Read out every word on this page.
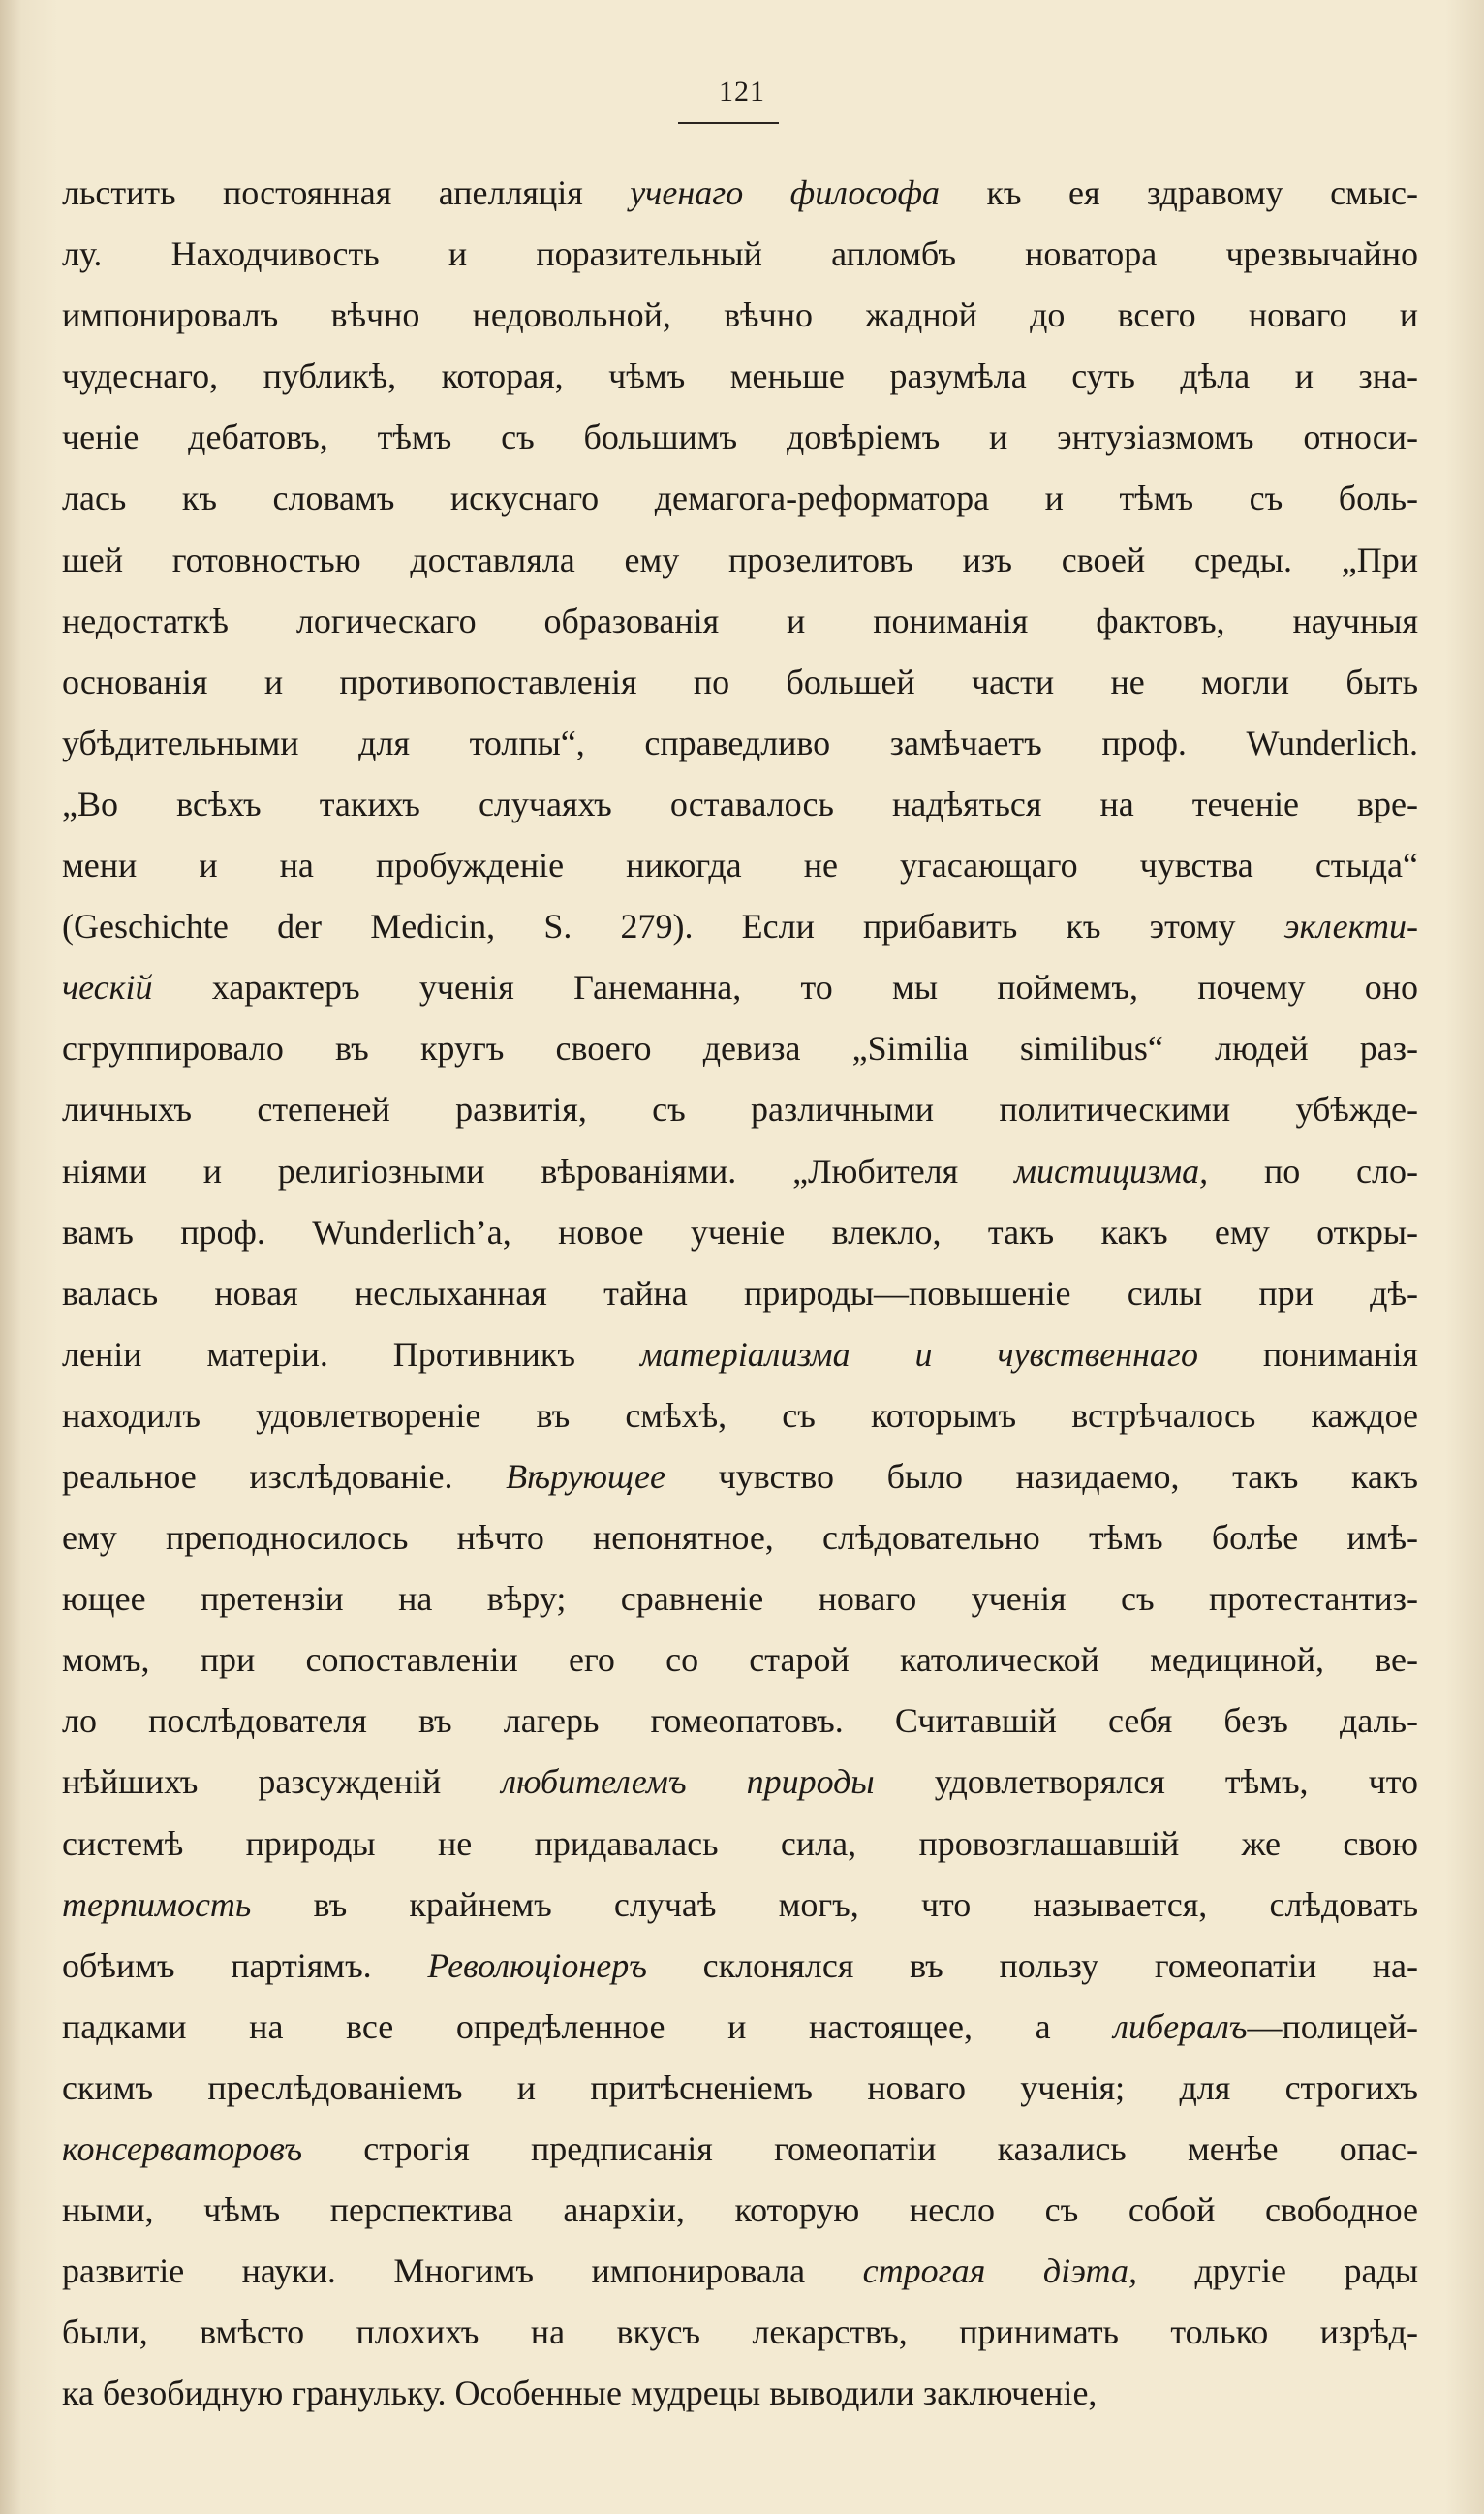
121
льстить постоянная апелляція ученаго философа къ ея здравому смыс-
лу. Находчивость и поразительный апломбъ новатора чрезвычайно
импонировалъ вѣчно недовольной, вѣчно жадной до всего новаго и
чудеснаго, публикѣ, которая, чѣмъ меньше разумѣла суть дѣла и зна-
ченіе дебатовъ, тѣмъ съ большимъ довѣріемъ и энтузіазмомъ относи-
лась къ словамъ искуснаго демагога-реформатора и тѣмъ съ боль-
шей готовностью доставляла ему прозелитовъ изъ своей среды. „При
недостаткѣ логическаго образованія и пониманія фактовъ, научныя
основанія и противопоставленія по большей части не могли быть
убѣдительными для толпы“, справедливо замѣчаетъ проф. Wunderlich.
„Во всѣхъ такихъ случаяхъ оставалось надѣяться на теченіе вре-
мени и на пробужденіе никогда не угасающаго чувства стыда“
(Geschichte der Medicin, S. 279). Если прибавить къ этому эклекти-
ческій характеръ ученія Ганеманна, то мы поймемъ, почему оно
сгруппировало въ кругъ своего девиза „Similia similibus“ людей раз-
личныхъ степеней развитія, съ различными политическими убѣжде-
ніями и религіозными вѣрованіями. „Любителя мистицизма, по сло-
вамъ проф. Wunderlich’а, новое ученіе влекло, такъ какъ ему откры-
валась новая неслыханная тайна природы—повышеніе силы при дѣ-
леніи матеріи. Противникъ матеріализма и чувственнаго пониманія
находилъ удовлетвореніе въ смѣхѣ, съ которымъ встрѣчалось каждое
реальное изслѣдованіе. Вѣрующее чувство было назидаемо, такъ какъ
ему преподносилось нѣчто непонятное, слѣдовательно тѣмъ болѣе имѣ-
ющее претензіи на вѣру; сравненіе новаго ученія съ протестантиз-
момъ, при сопоставленіи его со старой католической медициной, ве-
ло послѣдователя въ лагерь гомеопатовъ. Считавшій себя безъ даль-
нѣйшихъ разсужденій любителемъ природы удовлетворялся тѣмъ, что
системѣ природы не придавалась сила, провозглашавшій же свою
терпимость въ крайнемъ случаѣ могъ, что называется, слѣдовать
обѣимъ партіямъ. Революціонеръ склонялся въ пользу гомеопатіи на-
падками на все опредѣленное и настоящее, а либералъ—полицей-
скимъ преслѣдованіемъ и притѣсненіемъ новаго ученія; для строгихъ
консерваторовъ строгія предписанія гомеопатіи казались менѣе опас-
ными, чѣмъ перспектива анархіи, которую несло съ собой свободное
развитіе науки. Многимъ импонировала строгая діэта, другіе рады
были, вмѣсто плохихъ на вкусъ лекарствъ, принимать только изрѣд-
ка безобидную гранульку. Особенные мудрецы выводили заключеніе,
